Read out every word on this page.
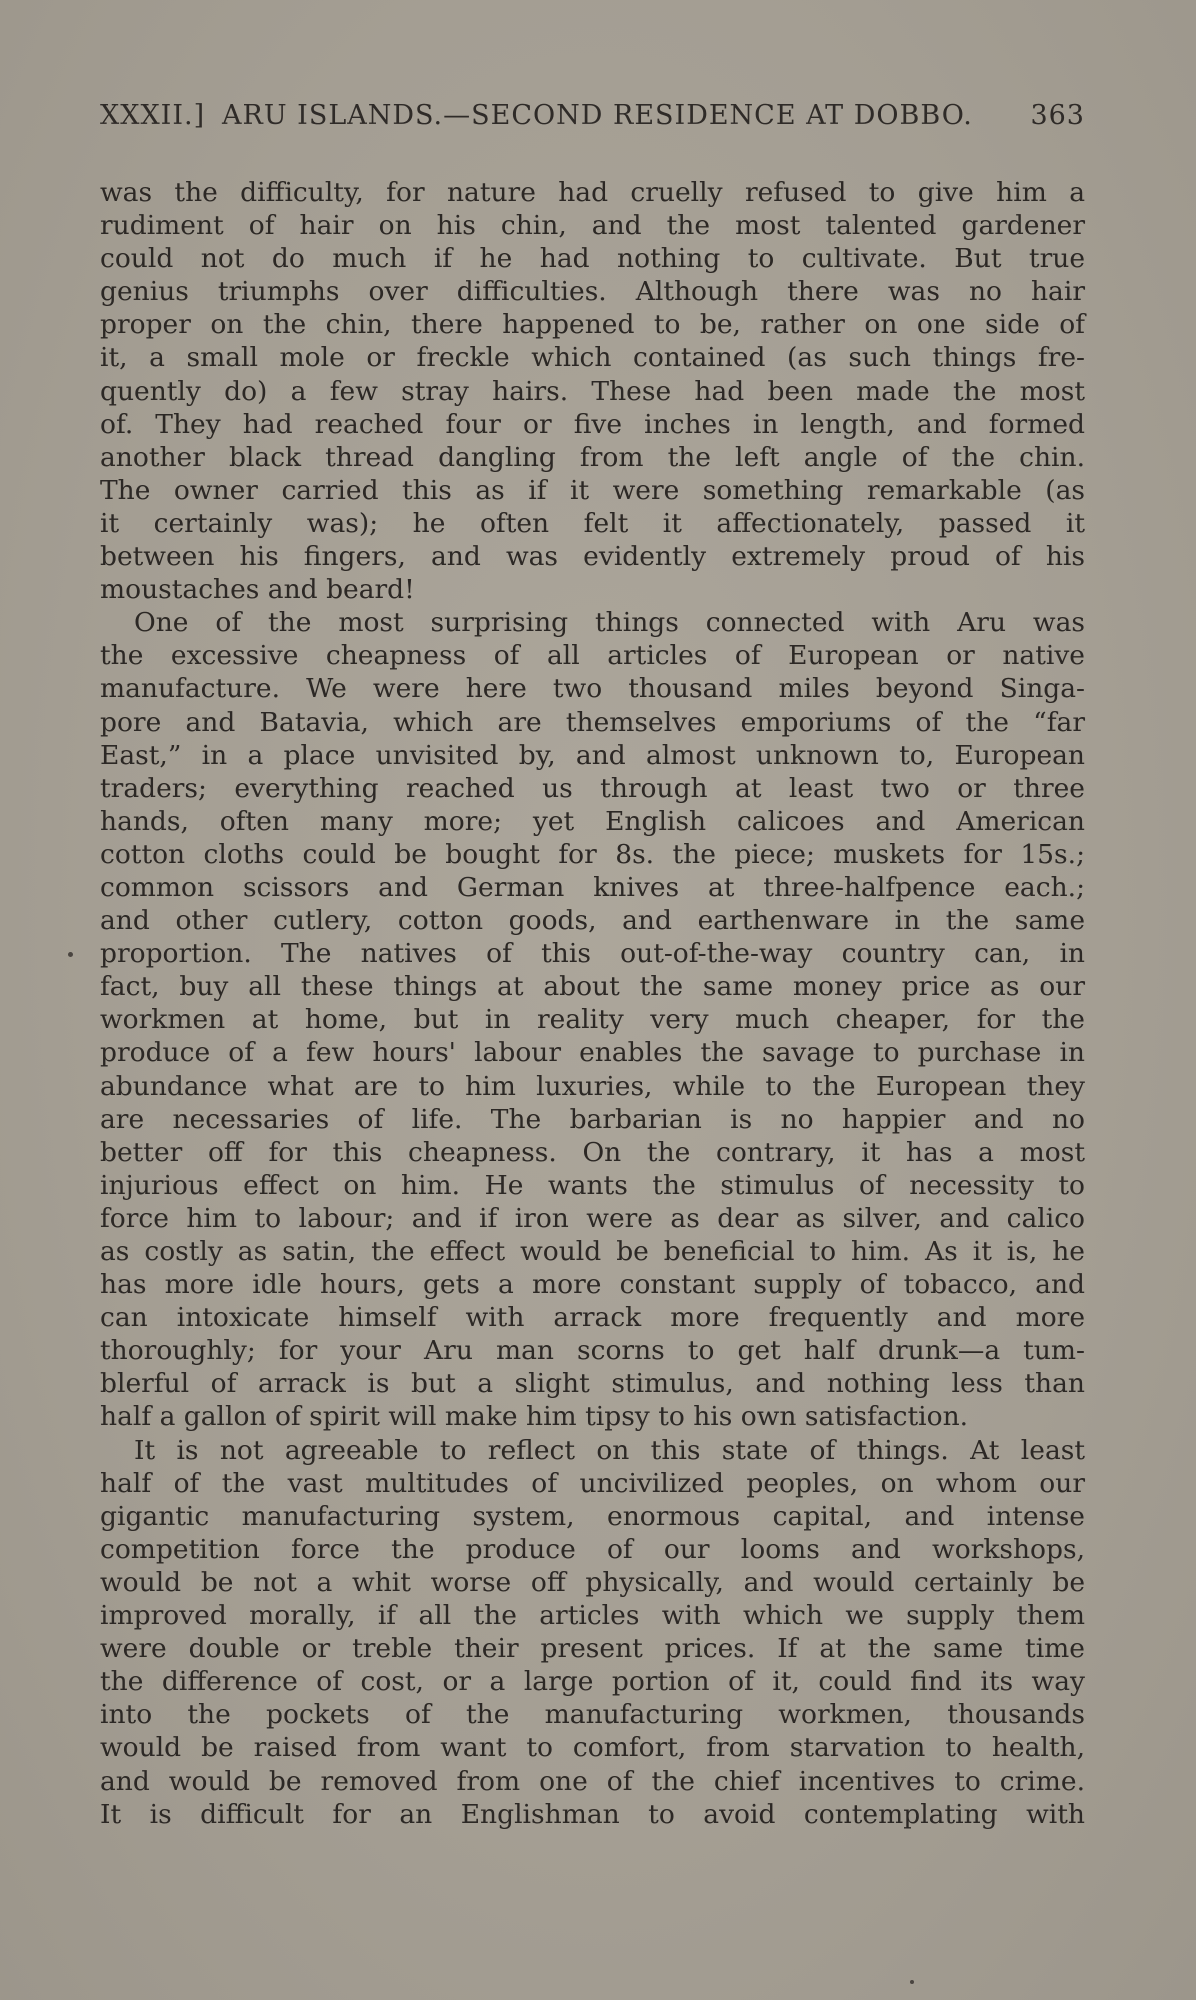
XXXII.] ARU ISLANDS.—SECOND RESIDENCE AT DOBBO. 363
was the difficulty, for nature had cruelly refused to give him a
rudiment of hair on his chin, and the most talented gardener
could not do much if he had nothing to cultivate. But true
genius triumphs over difficulties. Although there was no hair
proper on the chin, there happened to be, rather on one side of
it, a small mole or freckle which contained (as such things fre-
quently do) a few stray hairs. These had been made the most
of. They had reached four or five inches in length, and formed
another black thread dangling from the left angle of the chin.
The owner carried this as if it were something remarkable (as
it certainly was); he often felt it affectionately, passed it
between his fingers, and was evidently extremely proud of his
moustaches and beard!
One of the most surprising things connected with Aru was
the excessive cheapness of all articles of European or native
manufacture. We were here two thousand miles beyond Singa-
pore and Batavia, which are themselves emporiums of the “far
East,” in a place unvisited by, and almost unknown to, European
traders; everything reached us through at least two or three
hands, often many more; yet English calicoes and American
cotton cloths could be bought for 8s. the piece; muskets for 15s.;
common scissors and German knives at three-halfpence each.;
and other cutlery, cotton goods, and earthenware in the same
proportion. The natives of this out-of-the-way country can, in
fact, buy all these things at about the same money price as our
workmen at home, but in reality very much cheaper, for the
produce of a few hours' labour enables the savage to purchase in
abundance what are to him luxuries, while to the European they
are necessaries of life. The barbarian is no happier and no
better off for this cheapness. On the contrary, it has a most
injurious effect on him. He wants the stimulus of necessity to
force him to labour; and if iron were as dear as silver, and calico
as costly as satin, the effect would be beneficial to him. As it is, he
has more idle hours, gets a more constant supply of tobacco, and
can intoxicate himself with arrack more frequently and more
thoroughly; for your Aru man scorns to get half drunk—a tum-
blerful of arrack is but a slight stimulus, and nothing less than
half a gallon of spirit will make him tipsy to his own satisfaction.
It is not agreeable to reflect on this state of things. At least
half of the vast multitudes of uncivilized peoples, on whom our
gigantic manufacturing system, enormous capital, and intense
competition force the produce of our looms and workshops,
would be not a whit worse off physically, and would certainly be
improved morally, if all the articles with which we supply them
were double or treble their present prices. If at the same time
the difference of cost, or a large portion of it, could find its way
into the pockets of the manufacturing workmen, thousands
would be raised from want to comfort, from starvation to health,
and would be removed from one of the chief incentives to crime.
It is difficult for an Englishman to avoid contemplating with
